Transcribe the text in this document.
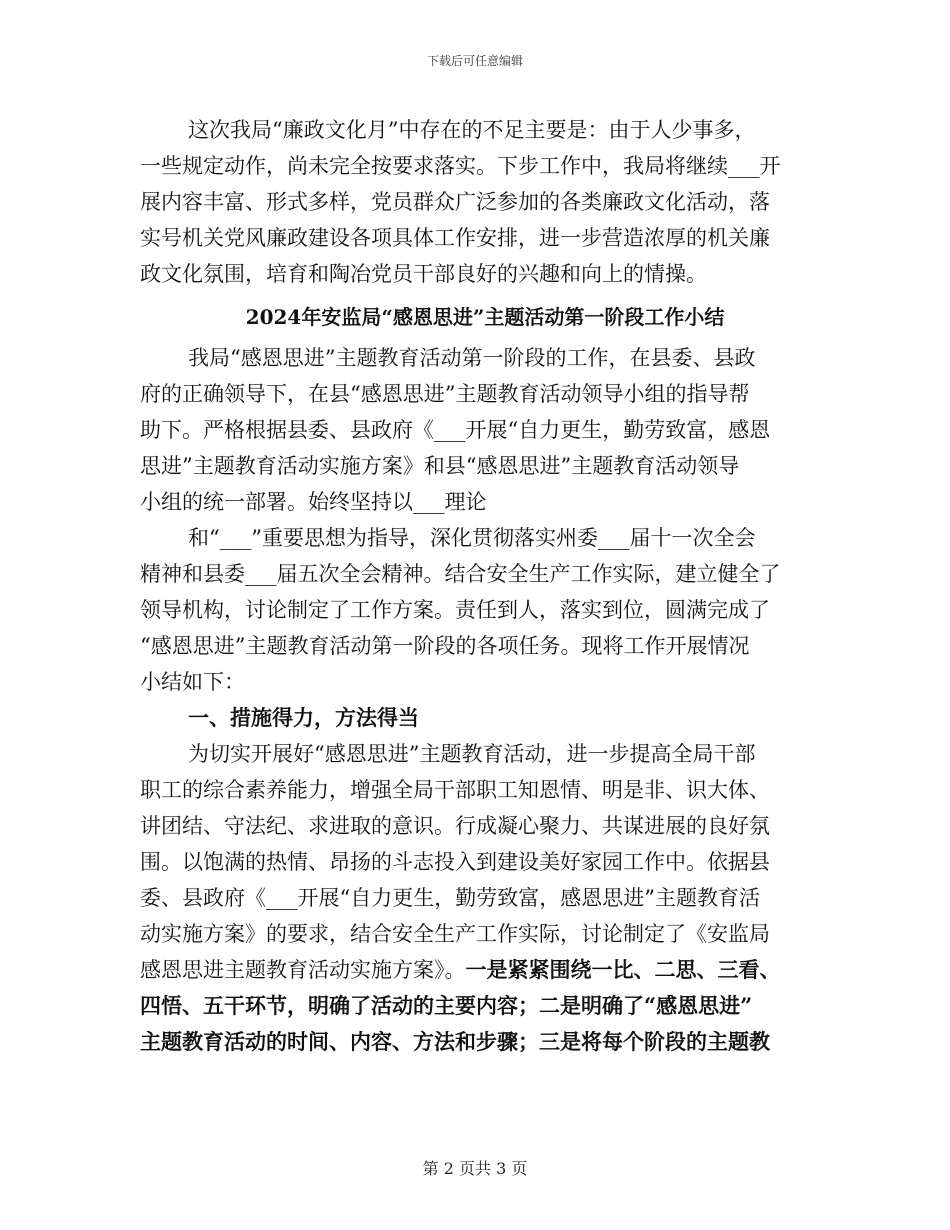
下载后可任意编辑
这次我局“廉政文化月”中存在的不足主要是：由于人少事多，
一些规定动作，尚未完全按要求落实。下步工作中，我局将继续___开
展内容丰富、形式多样，党员群众广泛参加的各类廉政文化活动，落
实号机关党风廉政建设各项具体工作安排，进一步营造浓厚的机关廉
政文化氛围，培育和陶冶党员干部良好的兴趣和向上的情操。
2024年安监局“感恩思进”主题活动第一阶段工作小结
我局“感恩思进”主题教育活动第一阶段的工作，在县委、县政
府的正确领导下，在县“感恩思进”主题教育活动领导小组的指导帮
助下。严格根据县委、县政府《___开展“自力更生，勤劳致富，感恩
思进”主题教育活动实施方案》和县“感恩思进”主题教育活动领导
小组的统一部署。始终坚持以___理论
和“___”重要思想为指导，深化贯彻落实州委___届十一次全会
精神和县委___届五次全会精神。结合安全生产工作实际，建立健全了
领导机构，讨论制定了工作方案。责任到人，落实到位，圆满完成了
“感恩思进”主题教育活动第一阶段的各项任务。现将工作开展情况
小结如下：
一、措施得力，方法得当
为切实开展好“感恩思进”主题教育活动，进一步提高全局干部
职工的综合素养能力，增强全局干部职工知恩情、明是非、识大体、
讲团结、守法纪、求进取的意识。行成凝心聚力、共谋进展的良好氛
围。以饱满的热情、昂扬的斗志投入到建设美好家园工作中。依据县
委、县政府《___开展“自力更生，勤劳致富，感恩思进”主题教育活
动实施方案》的要求，结合安全生产工作实际，讨论制定了《安监局
感恩思进主题教育活动实施方案》。一是紧紧围绕一比、二思、三看、
四悟、五干环节，明确了活动的主要内容；二是明确了“感恩思进”
主题教育活动的时间、内容、方法和步骤；三是将每个阶段的主题教
第 2 页共 3 页
